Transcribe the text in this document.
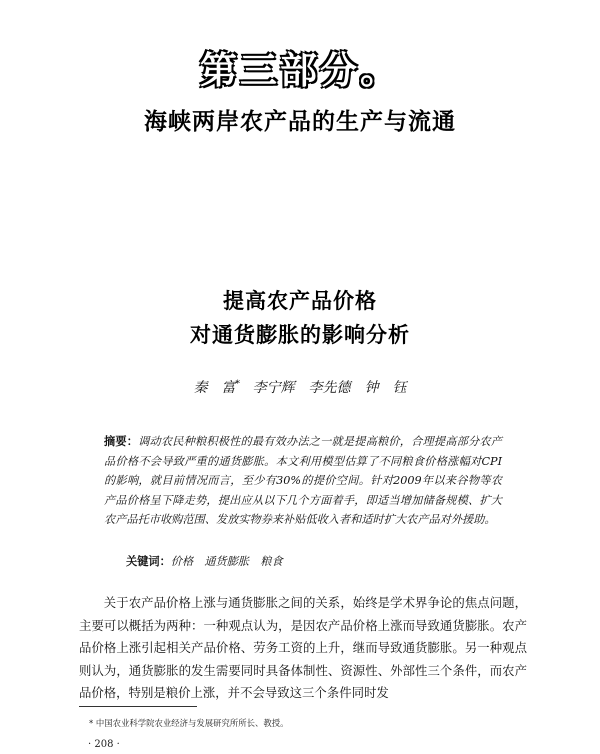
第三部分。
海峡两岸农产品的生产与流通
提高农产品价格
对通货膨胀的影响分析
秦　富* 李宁辉　李先德　钟　钰
摘要：调动农民种粮积极性的最有效办法之一就是提高粮价，合理提高部分农产品价格不会导致严重的通货膨胀。本文利用模型估算了不同粮食价格涨幅对CPI的影响，就目前情况而言，至少有30%的提价空间。针对2009年以来谷物等农产品价格呈下降走势，提出应从以下几个方面着手，即适当增加储备规模、扩大农产品托市收购范围、发放实物券来补贴低收入者和适时扩大农产品对外援助。
关键词：价格　通货膨胀　粮食
关于农产品价格上涨与通货膨胀之间的关系，始终是学术界争论的焦点问题，主要可以概括为两种：一种观点认为，是因农产品价格上涨而导致通货膨胀。农产品价格上涨引起相关产品价格、劳务工资的上升，继而导致通货膨胀。另一种观点则认为，通货膨胀的发生需要同时具备体制性、资源性、外部性三个条件，而农产品价格，特别是粮价上涨，并不会导致这三个条件同时发
* 中国农业科学院农业经济与发展研究所所长、教授。
· 208 ·
